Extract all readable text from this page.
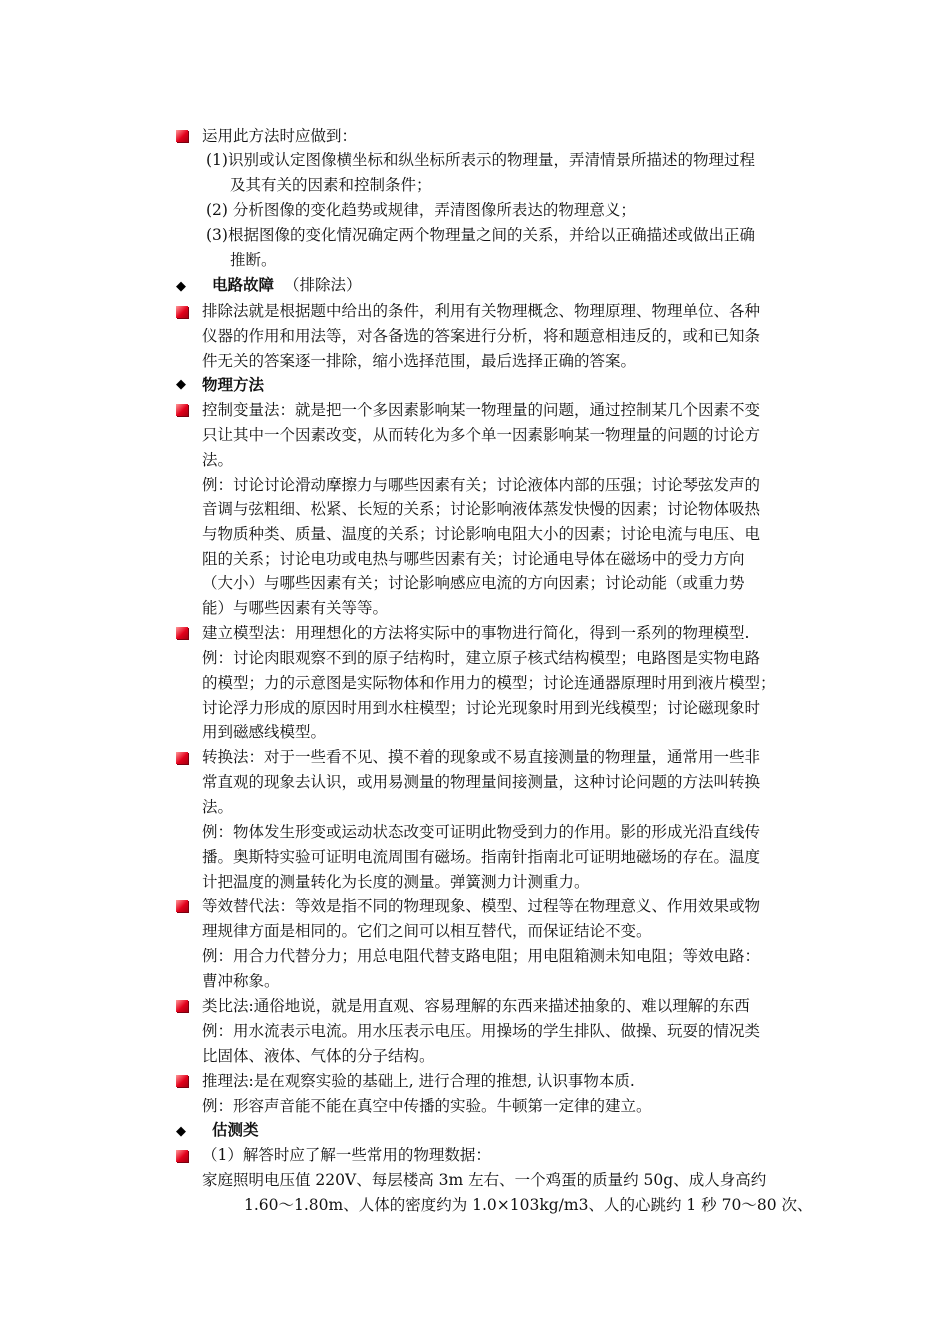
◆
◆
◆
运用此方法时应做到：
(1)识别或认定图像横坐标和纵坐标所表示的物理量，弄清情景所描述的物理过程
及其有关的因素和控制条件；
(2) 分析图像的变化趋势或规律，弄清图像所表达的物理意义；
(3)根据图像的变化情况确定两个物理量之间的关系，并给以正确描述或做出正确
推断。
电路故障 （排除法）
排除法就是根据题中给出的条件，利用有关物理概念、物理原理、物理单位、各种
仪器的作用和用法等，对各备选的答案进行分析，将和题意相违反的，或和已知条
件无关的答案逐一排除，缩小选择范围，最后选择正确的答案。
物理方法
控制变量法：就是把一个多因素影响某一物理量的问题，通过控制某几个因素不变
只让其中一个因素改变，从而转化为多个单一因素影响某一物理量的问题的讨论方
法。
例：讨论讨论滑动摩擦力与哪些因素有关；讨论液体内部的压强；讨论琴弦发声的
音调与弦粗细、松紧、长短的关系；讨论影响液体蒸发快慢的因素；讨论物体吸热
与物质种类、质量、温度的关系；讨论影响电阻大小的因素；讨论电流与电压、电
阻的关系；讨论电功或电热与哪些因素有关；讨论通电导体在磁场中的受力方向
（大小）与哪些因素有关；讨论影响感应电流的方向因素；讨论动能（或重力势
能）与哪些因素有关等等。
建立模型法：用理想化的方法将实际中的事物进行简化，得到一系列的物理模型.
例：讨论肉眼观察不到的原子结构时，建立原子核式结构模型；电路图是实物电路
的模型；力的示意图是实际物体和作用力的模型；讨论连通器原理时用到液片模型；
讨论浮力形成的原因时用到水柱模型；讨论光现象时用到光线模型；讨论磁现象时
用到磁感线模型。
转换法：对于一些看不见、摸不着的现象或不易直接测量的物理量，通常用一些非
常直观的现象去认识，或用易测量的物理量间接测量，这种讨论问题的方法叫转换
法。
例：物体发生形变或运动状态改变可证明此物受到力的作用。影的形成光沿直线传
播。奥斯特实验可证明电流周围有磁场。指南针指南北可证明地磁场的存在。温度
计把温度的测量转化为长度的测量。弹簧测力计测重力。
等效替代法：等效是指不同的物理现象、模型、过程等在物理意义、作用效果或物
理规律方面是相同的。它们之间可以相互替代，而保证结论不变。
例：用合力代替分力；用总电阻代替支路电阻；用电阻箱测未知电阻；等效电路：
曹冲称象。
类比法:通俗地说，就是用直观、容易理解的东西来描述抽象的、难以理解的东西
例：用水流表示电流。用水压表示电压。用操场的学生排队、做操、玩耍的情况类
比固体、液体、气体的分子结构。
推理法:是在观察实验的基础上, 进行合理的推想, 认识事物本质.
例：形容声音能不能在真空中传播的实验。牛顿第一定律的建立。
估测类
（1）解答时应了解一些常用的物理数据：
家庭照明电压值 220V、每层楼高 3m 左右、一个鸡蛋的质量约 50g、成人身高约
1.60～1.80m、人体的密度约为 1.0×103kg/m3、人的心跳约 1 秒 70～80 次、
